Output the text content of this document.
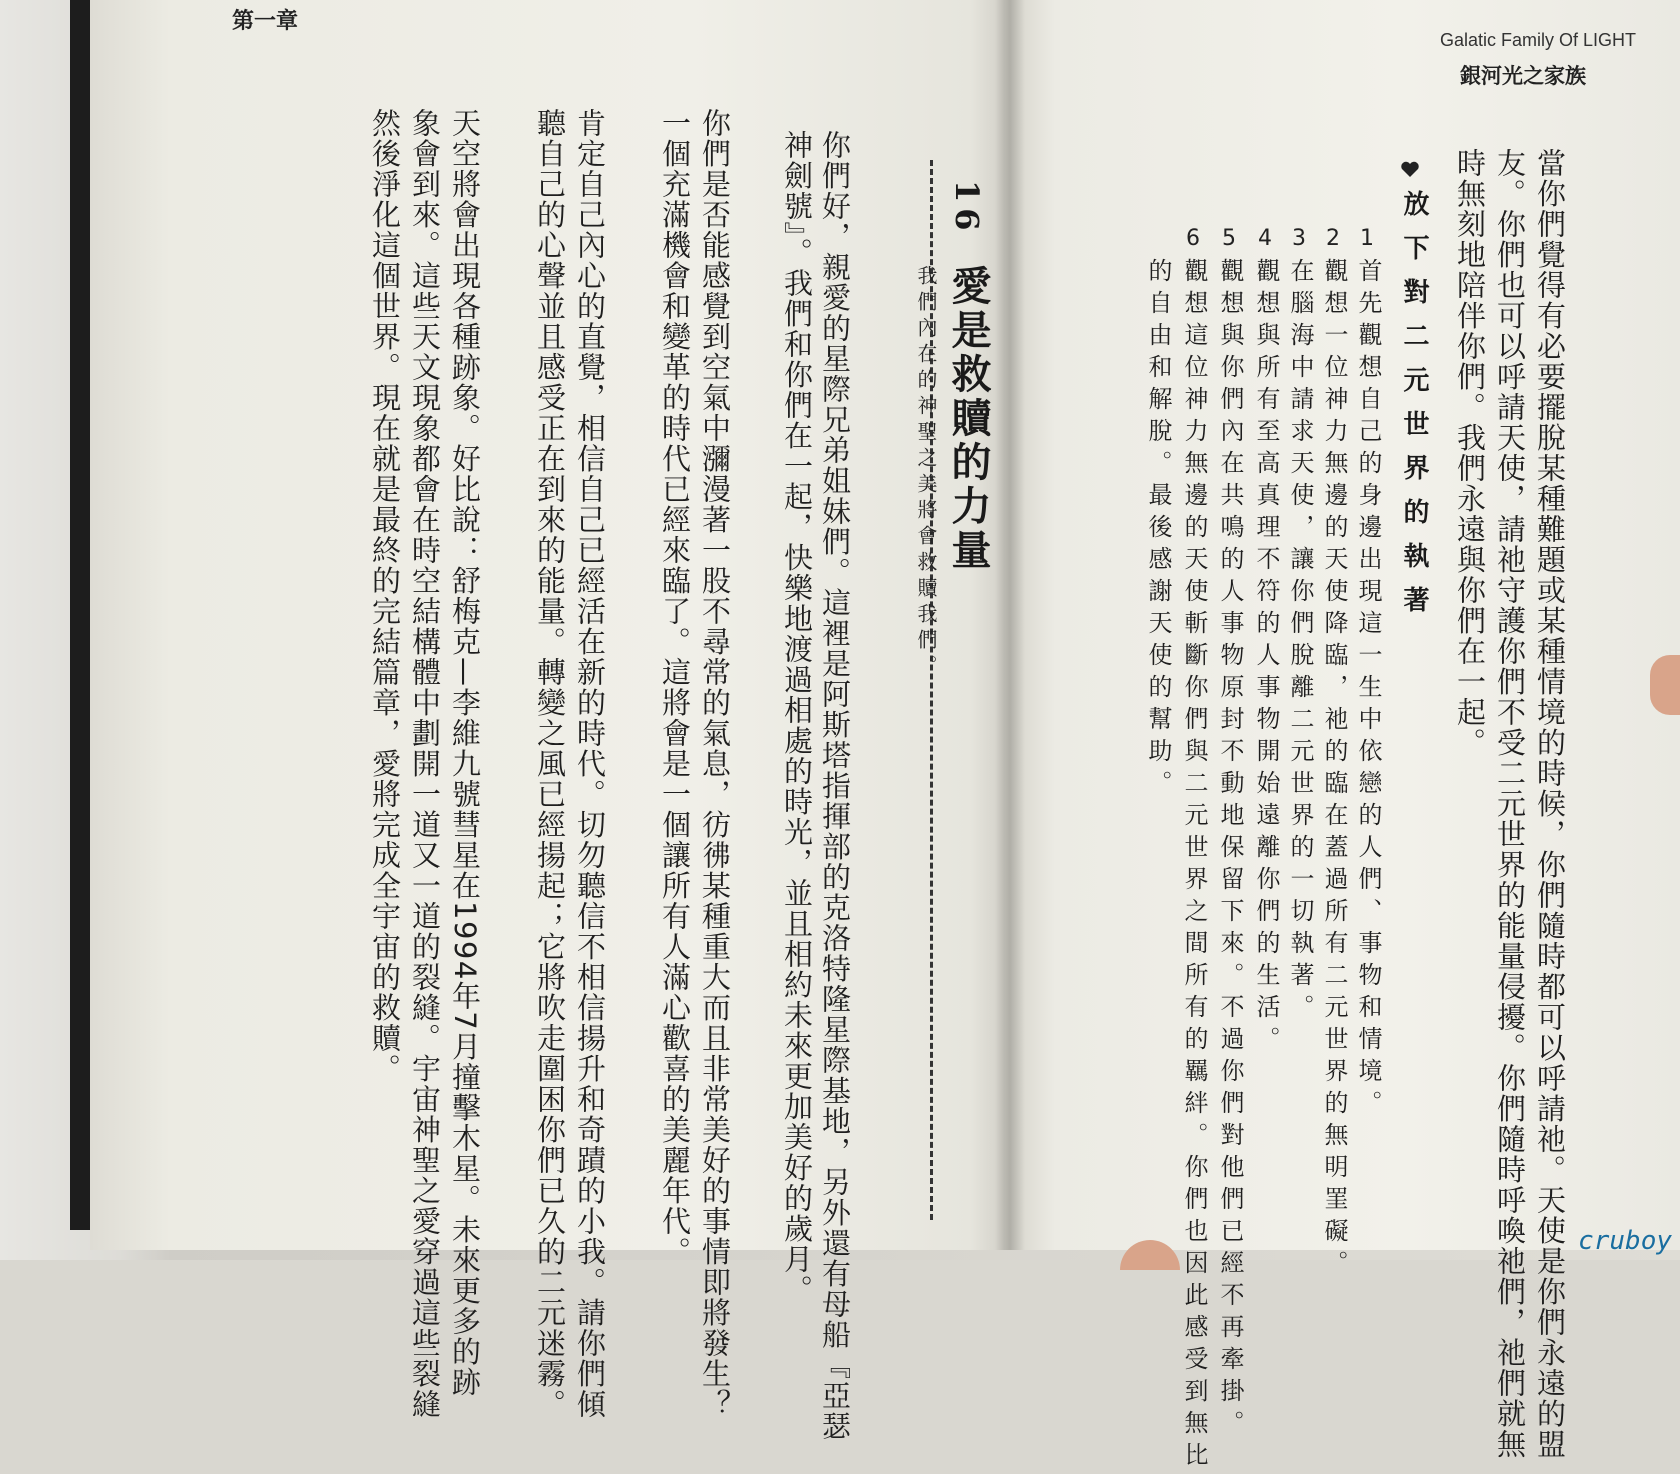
第一章
Galatic Family Of LIGHT
銀河光之家族
16
愛是救贖的力量
我們內在的神聖之美將會救贖我們。
你們好，親愛的星際兄弟姐妹們。這裡是阿斯塔指揮部的克洛特隆星際基地，另外還有母船『亞瑟
神劍號』。我們和你們在一起，快樂地渡過相處的時光，並且相約未來更加美好的歲月。
你們是否能感覺到空氣中瀰漫著一股不尋常的氣息，彷彿某種重大而且非常美好的事情即將發生？
一個充滿機會和變革的時代已經來臨了。這將會是一個讓所有人滿心歡喜的美麗年代。
肯定自己內心的直覺，相信自己已經活在新的時代。切勿聽信不相信揚升和奇蹟的小我。請你們傾
聽自己的心聲並且感受正在到來的能量。轉變之風已經揚起；它將吹走圍困你們已久的二元迷霧。
天空將會出現各種跡象。好比說：舒梅克—李維九號彗星在1994年7月撞擊木星。未來更多的跡
象會到來。這些天文現象都會在時空結構體中劃開一道又一道的裂縫。宇宙神聖之愛穿過這些裂縫
然後淨化這個世界。現在就是最終的完結篇章，愛將完成全宇宙的救贖。	當你們覺得有必要擺脫某種難題或某種情境的時候，你們隨時都可以呼請祂。天使是你們永遠的盟
友。你們也可以呼請天使，請祂守護你們不受二元世界的能量侵擾。你們隨時呼喚祂們，祂們就無
時無刻地陪伴你們。我們永遠與你們在一起。
放下對二元世界的執著
1
首先觀想自己的身邊出現這一生中依戀的人們、事物和情境。
2
觀想一位神力無邊的天使降臨，祂的臨在蓋過所有二元世界的無明罣礙。
3
在腦海中請求天使，讓你們脫離二元世界的一切執著。
4
觀想與所有至高真理不符的人事物開始遠離你們的生活。
5
觀想與你們內在共鳴的人事物原封不動地保留下來。不過你們對他們已經不再牽掛。
6
觀想這位神力無邊的天使斬斷你們與二元世界之間所有的羈絆。你們也因此感受到無比
的自由和解脫。最後感謝天使的幫助。
cruboy
